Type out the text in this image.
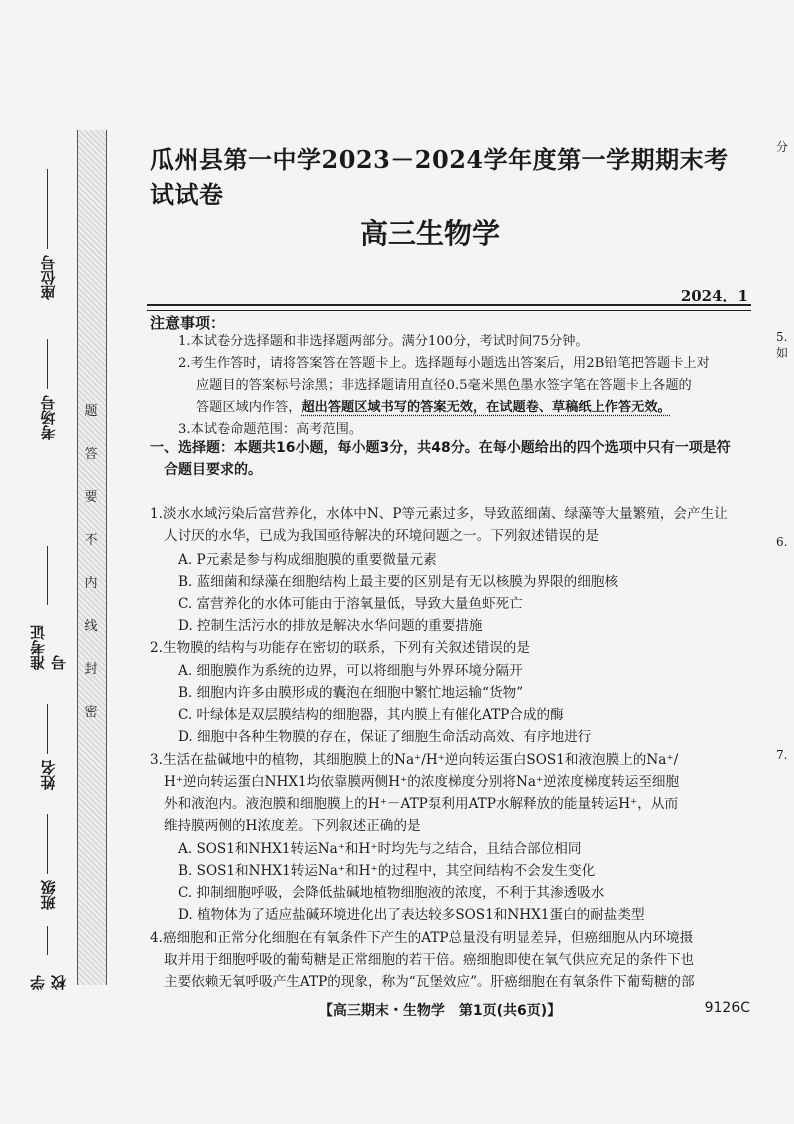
题
答
要
不
内
线
封
密
座位号
考场号
准考证号
姓名
班级
学校
分
5. 如
6.
7.
瓜州县第一中学2023－2024学年度第一学期期末考试试卷
高三生物学
2024．1
注意事项：
1.本试卷分选择题和非选择题两部分。满分100分，考试时间75分钟。
2.考生作答时，请将答案答在答题卡上。选择题每小题选出答案后，用2B铅笔把答题卡上对
应题目的答案标号涂黑；非选择题请用直径0.5毫米黑色墨水签字笔在答题卡上各题的
答题区域内作答，超出答题区域书写的答案无效，在试题卷、草稿纸上作答无效。
3.本试卷命题范围：高考范围。
一、选择题：本题共16小题，每小题3分，共48分。在每小题给出的四个选项中只有一项是符
合题目要求的。
1.淡水水域污染后富营养化，水体中N、P等元素过多，导致蓝细菌、绿藻等大量繁殖，会产生让
人讨厌的水华，已成为我国亟待解决的环境问题之一。下列叙述错误的是
A. P元素是参与构成细胞膜的重要微量元素
B. 蓝细菌和绿藻在细胞结构上最主要的区别是有无以核膜为界限的细胞核
C. 富营养化的水体可能由于溶氧量低，导致大量鱼虾死亡
D. 控制生活污水的排放是解决水华问题的重要措施
2.生物膜的结构与功能存在密切的联系，下列有关叙述错误的是
A. 细胞膜作为系统的边界，可以将细胞与外界环境分隔开
B. 细胞内许多由膜形成的囊泡在细胞中繁忙地运输“货物”
C. 叶绿体是双层膜结构的细胞器，其内膜上有催化ATP合成的酶
D. 细胞中各种生物膜的存在，保证了细胞生命活动高效、有序地进行
3.生活在盐碱地中的植物，其细胞膜上的Na⁺/H⁺逆向转运蛋白SOS1和液泡膜上的Na⁺/
H⁺逆向转运蛋白NHX1均依靠膜两侧H⁺的浓度梯度分别将Na⁺逆浓度梯度转运至细胞
外和液泡内。液泡膜和细胞膜上的H⁺－ATP泵利用ATP水解释放的能量转运H⁺，从而
维持膜两侧的H浓度差。下列叙述正确的是
A. SOS1和NHX1转运Na⁺和H⁺时均先与之结合，且结合部位相同
B. SOS1和NHX1转运Na⁺和H⁺的过程中，其空间结构不会发生变化
C. 抑制细胞呼吸，会降低盐碱地植物细胞液的浓度，不利于其渗透吸水
D. 植物体为了适应盐碱环境进化出了表达较多SOS1和NHX1蛋白的耐盐类型
4.癌细胞和正常分化细胞在有氧条件下产生的ATP总量没有明显差异，但癌细胞从内环境摄
取并用于细胞呼吸的葡萄糖是正常细胞的若干倍。癌细胞即使在氧气供应充足的条件下也
主要依赖无氧呼吸产生ATP的现象，称为“瓦堡效应”。肝癌细胞在有氧条件下葡萄糖的部
【高三期末・生物学　第1页(共6页)】	9126C
